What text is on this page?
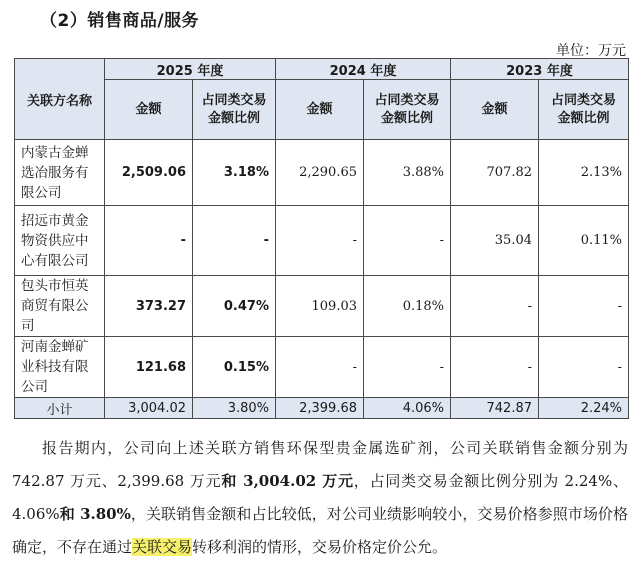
（2）销售商品/服务
单位：万元
关联方名称	2025 年度		2024 年度		2023 年度	
	金额	占同类交易金额比例	金额	占同类交易金额比例	金额	占同类交易金额比例
内蒙古金蝉选冶服务有限公司	2,509.06	3.18%	2,290.65	3.88%	707.82	2.13%
招远市黄金物资供应中心有限公司	-	-	-	-	35.04	0.11%
包头市恒英商贸有限公司	373.27	0.47%	109.03	0.18%	-	-
河南金蝉矿业科技有限公司	121.68	0.15%	-	-	-	-
小计	3,004.02	3.80%	2,399.68	4.06%	742.87	2.24%

报告期内，公司向上述关联方销售环保型贵金属选矿剂，公司关联销售金额分别为 742.87 万元、2,399.68 万元和 3,004.02 万元，占同类交易金额比例分别为 2.24%、4.06%和 3.80%，关联销售金额和占比较低，对公司业绩影响较小，交易价格参照市场价格确定，不存在通过关联交易转移利润的情形，交易价格定价公允。
